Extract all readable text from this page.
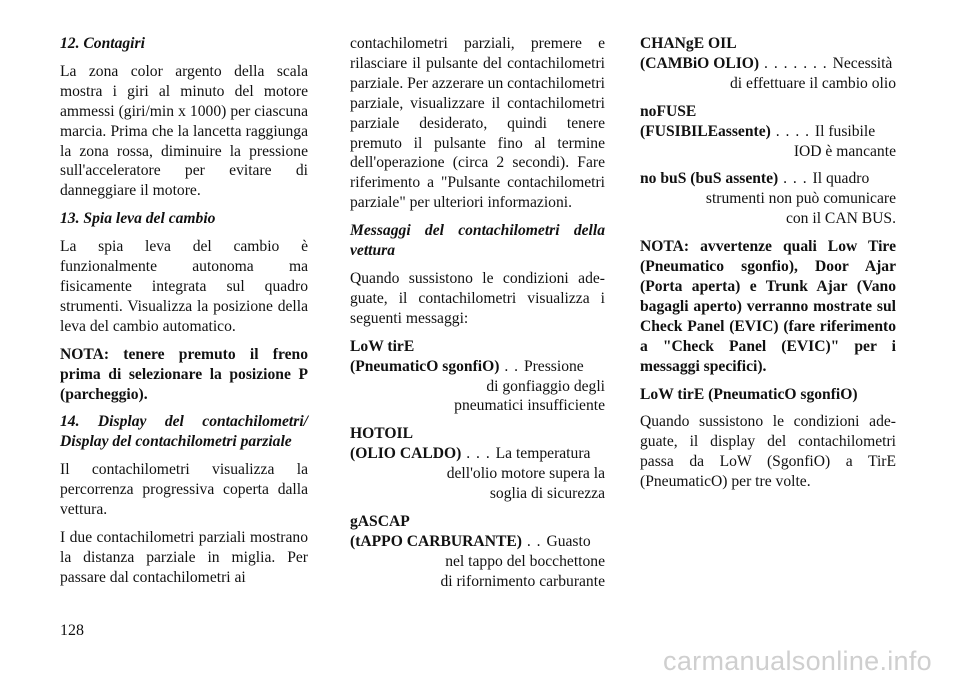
12. Contagiri

La zona color argento della scala mostra i giri al minuto del motore ammessi (giri/min x 1000) per ciascuna marcia. Prima che la lancetta raggiunga la zona rossa, diminuire la pressione sull'acceleratore per evitare di danneggiare il motore.

13. Spia leva del cambio

La spia leva del cambio è funzionalmente autonoma ma fisicamente integrata sul quadro strumenti. Visualizza la posizione della leva del cambio automatico.

NOTA: tenere premuto il freno prima di selezionare la posizione P (parcheggio).

14. Display del contachilometri/ Display del contachilometri parziale

Il contachilometri visualizza la percorrenza progressiva coperta dalla vettura.

I due contachilometri parziali mostrano la distanza parziale in miglia. Per passare dal contachilometri ai

contachilometri parziali, premere e rilasciare il pulsante del contachilometri parziale. Per azzerare un contachilometri parziale, visualizzare il contachilometri parziale desiderato, quindi tenere premuto il pulsante fino al termine dell'operazione (circa 2 secondi). Fare riferimento a "Pulsante contachilometri parziale" per ulteriori informazioni.

Messaggi del contachilometri della vettura

Quando sussistono le condizioni ade-guate, il contachilometri visualizza i seguenti messaggi:

LoW tirE
(PneumaticO sgonfiO) . . Pressione
di gonfiaggio degli
pneumatici insufficiente
HOTOIL
(OLIO CALDO) . . . La temperatura
dell'olio motore supera la
soglia di sicurezza
gASCAP
(tAPPO CARBURANTE) . . Guasto
nel tappo del bocchettone
di rifornimento carburante
CHANgE OIL
(CAMBiO OLIO) . . . . . . . Necessità
di effettuare il cambio olio
noFUSE
(FUSIBILEassente) . . . . Il fusibile
IOD è mancante
no buS (buS assente) . . . Il quadro
strumenti non può comunicare
con il CAN BUS.

NOTA: avvertenze quali Low Tire (Pneumatico sgonfio), Door Ajar (Porta aperta) e Trunk Ajar (Vano bagagli aperto) verranno mostrate sul Check Panel (EVIC) (fare riferimento a "Check Panel (EVIC)" per i messaggi specifici).

LoW tirE (PneumaticO sgonfiO)

Quando sussistono le condizioni ade-guate, il display del contachilometri passa da LoW (SgonfiO) a TirE (PneumaticO) per tre volte.

128
carmanualsonline.info
